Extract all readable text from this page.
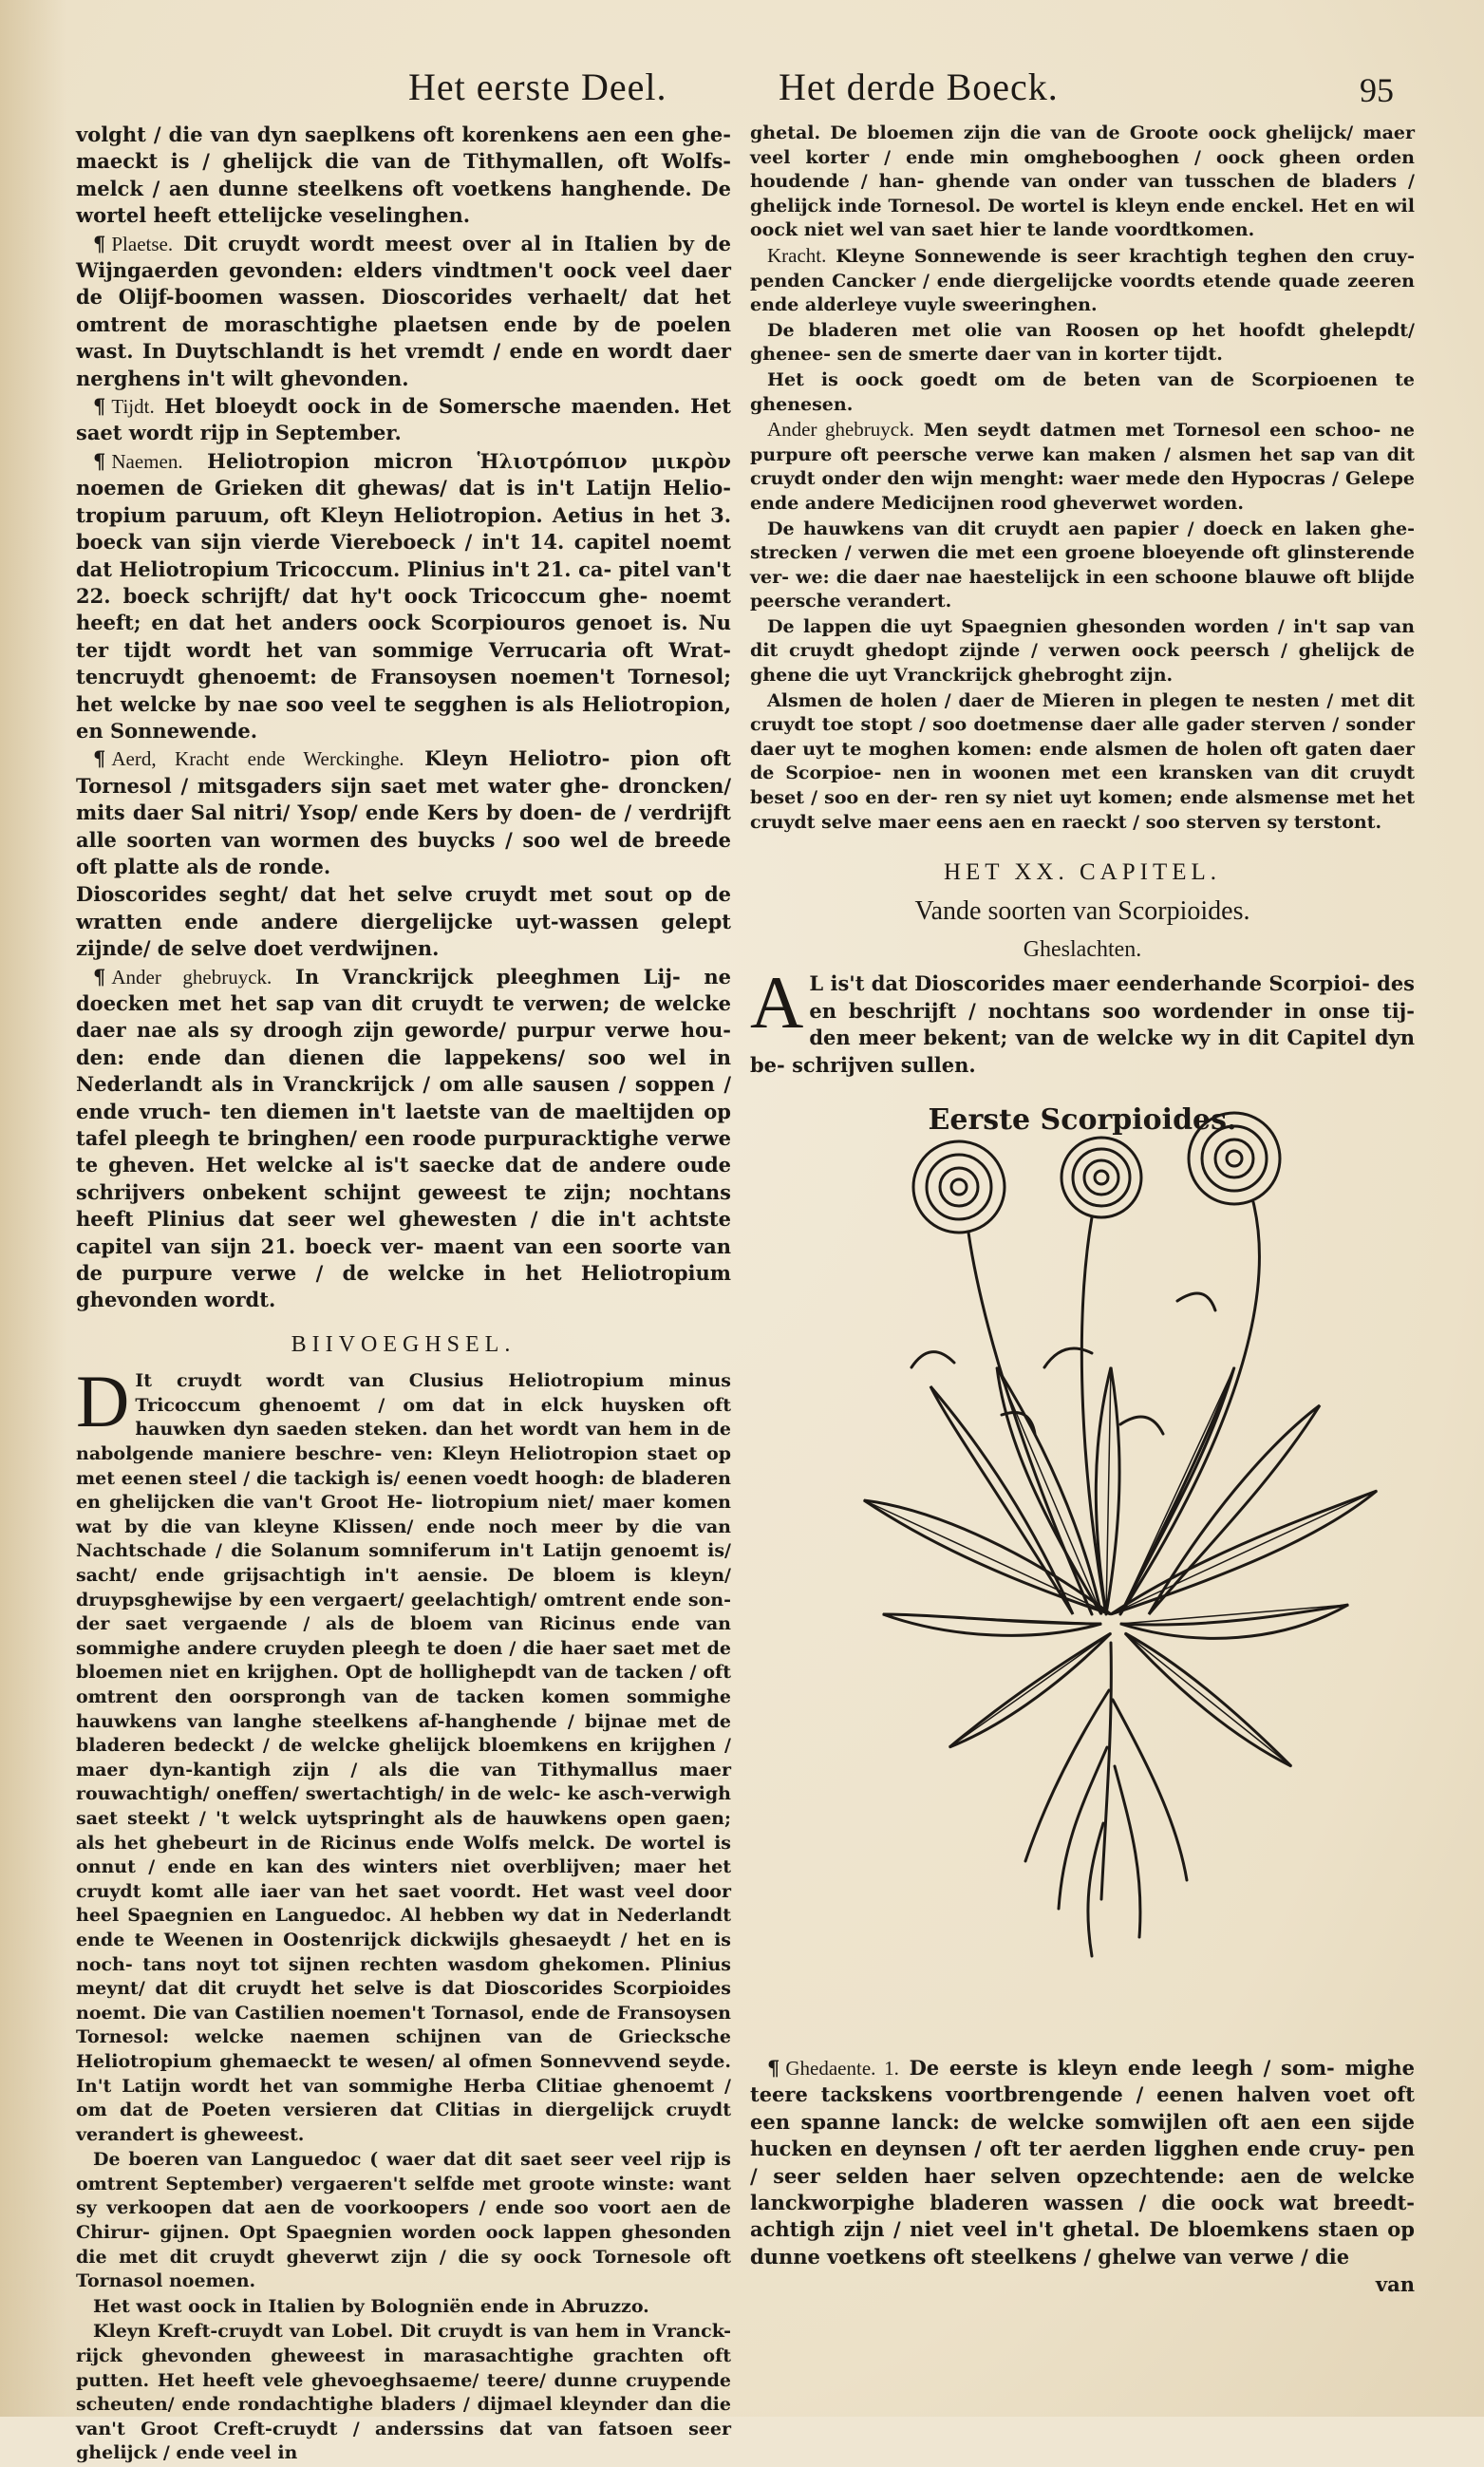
Het eerste Deel.	Het derde Boeck.	95

volght / die van dyn saeplkens oft korenkens aen een ghe- maeckt is / ghelijck die van de Tithymallen, oft Wolfs- melck / aen dunne steelkens oft voetkens hanghende. De wortel heeft ettelijcke veselinghen.

¶ Plaetse. Dit cruydt wordt meest over al in Italien by de Wijngaerden gevonden: elders vindtmen't oock veel daer de Olijf-boomen wassen. Dioscorides verhaelt/ dat het omtrent de moraschtighe plaetsen ende by de poelen wast. In Duytschlandt is het vremdt / ende en wordt daer nerghens in't wilt ghevonden.

¶ Tijdt. Het bloeydt oock in de Somersche maenden. Het saet wordt rijp in September.

¶ Naemen. Heliotropion micron Ἡλιοτρόπιον μικρὸν noemen de Grieken dit ghewas/ dat is in't Latijn Helio- tropium paruum, oft Kleyn Heliotropion. Aetius in het 3. boeck van sijn vierde Viereboeck / in't 14. capitel noemt dat Heliotropium Tricoccum. Plinius in't 21. ca- pitel van't 22. boeck schrijft/ dat hy't oock Tricoccum ghe- noemt heeft; en dat het anders oock Scorpiouros genoet is. Nu ter tijdt wordt het van sommige Verrucaria oft Wrat- tencruydt ghenoemt: de Fransoysen noemen't Tornesol; het welcke by nae soo veel te segghen is als Heliotropion, en Sonnewende.

¶ Aerd, Kracht ende Werckinghe. Kleyn Heliotro- pion oft Tornesol / mitsgaders sijn saet met water ghe- droncken/ mits daer Sal nitri/ Ysop/ ende Kers by doen- de / verdrijft alle soorten van wormen des buycks / soo wel de breede oft platte als de ronde.

Dioscorides seght/ dat het selve cruydt met sout op de wratten ende andere diergelijcke uyt-wassen gelept zijnde/ de selve doet verdwijnen.

¶ Ander ghebruyck. In Vranckrijck pleeghmen Lij- ne doecken met het sap van dit cruydt te verwen; de welcke daer nae als sy droogh zijn geworde/ purpur verwe hou- den: ende dan dienen die lappekens/ soo wel in Nederlandt als in Vranckrijck / om alle sausen / soppen / ende vruch- ten diemen in't laetste van de maeltijden op tafel pleegh te bringhen/ een roode purpuracktighe verwe te gheven. Het welcke al is't saecke dat de andere oude schrijvers onbekent schijnt geweest te zijn; nochtans heeft Plinius dat seer wel ghewesten / die in't achtste capitel van sijn 21. boeck ver- maent van een soorte van de purpure verwe / de welcke in het Heliotropium ghevonden wordt.

BIIVOEGHSEL.

D It cruydt wordt van Clusius Heliotropium minus Tricoccum ghenoemt / om dat in elck huysken oft hauwken dyn saeden steken. dan het wordt van hem in de nabolgende maniere beschre- ven: Kleyn Heliotropion staet op met eenen steel / die tackigh is/ eenen voedt hoogh: de bladeren en ghelijcken die van't Groot He- liotropium niet/ maer komen wat by die van kleyne Klissen/ ende noch meer by die van Nachtschade / die Solanum somniferum in't Latijn genoemt is/ sacht/ ende grijsachtigh in't aensie. De bloem is kleyn/ druypsghewijse by een vergaert/ geelachtigh/ omtrent ende son- der saet vergaende / als de bloem van Ricinus ende van sommighe andere cruyden pleegh te doen / die haer saet met de bloemen niet en krijghen. Opt de hollighepdt van de tacken / oft omtrent den oorsprongh van de tacken komen sommighe hauwkens van langhe steelkens af-hanghende / bijnae met de bladeren bedeckt / de welcke ghelijck bloemkens en krijghen / maer dyn-kantigh zijn / als die van Tithymallus maer rouwachtigh/ oneffen/ swertachtigh/ in de welc- ke asch-verwigh saet steekt / 't welck uytspringht als de hauwkens open gaen; als het ghebeurt in de Ricinus ende Wolfs melck. De wortel is onnut / ende en kan des winters niet overblijven; maer het cruydt komt alle iaer van het saet voordt. Het wast veel door heel Spaegnien en Languedoc. Al hebben wy dat in Nederlandt ende te Weenen in Oostenrijck dickwijls ghesaeydt / het en is noch- tans noyt tot sijnen rechten wasdom ghekomen. Plinius meynt/ dat dit cruydt het selve is dat Dioscorides Scorpioides noemt. Die van Castilien noemen't Tornasol, ende de Fransoysen Tornesol: welcke naemen schijnen van de Griecksche Heliotropium ghemaeckt te wesen/ al ofmen Sonnevvend seyde. In't Latijn wordt het van sommighe Herba Clitiae ghenoemt / om dat de Poeten versieren dat Clitias in diergelijck cruydt verandert is gheweest.

De boeren van Languedoc ( waer dat dit saet seer veel rijp is omtrent September) vergaeren't selfde met groote winste: want sy verkoopen dat aen de voorkoopers / ende soo voort aen de Chirur- gijnen. Opt Spaegnien worden oock lappen ghesonden die met dit cruydt gheverwt zijn / die sy oock Tornesole oft Tornasol noemen.

Het wast oock in Italien by Bologniën ende in Abruzzo.

Kleyn Kreft-cruydt van Lobel. Dit cruydt is van hem in Vranck- rijck ghevonden gheweest in marasachtighe grachten oft putten. Het heeft vele ghevoeghsaeme/ teere/ dunne cruypende scheuten/ ende rondachtighe bladers / dijmael kleynder dan die van't Groot Creft-cruydt / anderssins dat van fatsoen seer ghelijck / ende veel in

ghetal. De bloemen zijn die van de Groote oock ghelijck/ maer veel korter / ende min omghebooghen / oock gheen orden houdende / han- ghende van onder van tusschen de bladers / ghelijck inde Tornesol. De wortel is kleyn ende enckel. Het en wil oock niet wel van saet hier te lande voordtkomen.

Kracht. Kleyne Sonnewende is seer krachtigh teghen den cruy- penden Cancker / ende diergelijcke voordts etende quade zeeren ende alderleye vuyle sweeringhen.

De bladeren met olie van Roosen op het hoofdt ghelepdt/ ghenee- sen de smerte daer van in korter tijdt.

Het is oock goedt om de beten van de Scorpioenen te ghenesen.

Ander ghebruyck. Men seydt datmen met Tornesol een schoo- ne purpure oft peersche verwe kan maken / alsmen het sap van dit cruydt onder den wijn menght: waer mede den Hypocras / Gelepe ende andere Medicijnen rood gheverwet worden.

De hauwkens van dit cruydt aen papier / doeck en laken ghe- strecken / verwen die met een groene bloeyende oft glinsterende ver- we: die daer nae haestelijck in een schoone blauwe oft blijde peersche verandert.

De lappen die uyt Spaegnien ghesonden worden / in't sap van dit cruydt ghedopt zijnde / verwen oock peersch / ghelijck de ghene die uyt Vranckrijck ghebroght zijn.

Alsmen de holen / daer de Mieren in plegen te nesten / met dit cruydt toe stopt / soo doetmense daer alle gader sterven / sonder daer uyt te moghen komen: ende alsmen de holen oft gaten daer de Scorpioe- nen in woonen met een kransken van dit cruydt beset / soo en der- ren sy niet uyt komen; ende alsmense met het cruydt selve maer eens aen en raeckt / soo sterven sy terstont.

HET XX. CAPITEL.
Vande soorten van Scorpioides.
Gheslachten.

A L is't dat Dioscorides maer eenderhande Scorpioi- des en beschrijft / nochtans soo wordender in onse tij- den meer bekent; van de welcke wy in dit Capitel dyn be- schrijven sullen.

Eerste Scorpioides.

¶ Ghedaente. 1. De eerste is kleyn ende leegh / som- mighe teere tackskens voortbrengende / eenen halven voet oft een spanne lanck: de welcke somwijlen oft aen een sijde hucken en deynsen / oft ter aerden ligghen ende cruy- pen / seer selden haer selven opzechtende: aen de welcke lanckworpighe bladeren wassen / die oock wat breedt- achtigh zijn / niet veel in't ghetal. De bloemkens staen op dunne voetkens oft steelkens / ghelwe van verwe / die

van
